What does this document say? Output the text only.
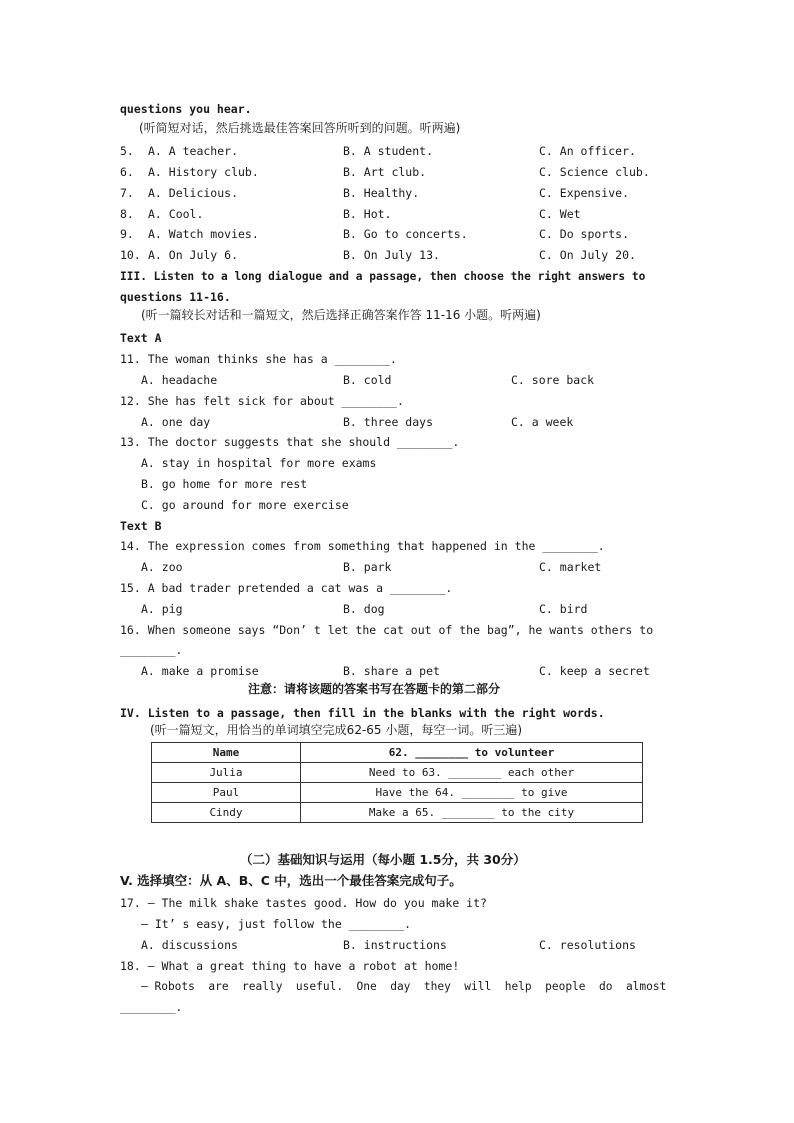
questions you hear.
(听简短对话，然后挑选最佳答案回答所听到的问题。听两遍)
5. A. A teacher.	B. A student.	C. An officer.
6. A. History club.	B. Art club.	C. Science club.
7. A. Delicious.	B. Healthy.	C. Expensive.
8. A. Cool.	B. Hot.	C. Wet
9. A. Watch movies.	B. Go to concerts.	C. Do sports.
10. A. On July 6.	B. On July 13.	C. On July 20.
III. Listen to a long dialogue and a passage, then choose the right answers to
questions 11-16.
(听一篇较长对话和一篇短文，然后选择正确答案作答 11-16 小题。听两遍)
Text A
11. The woman thinks she has a ________.
A. headache	B. cold	C. sore back
12. She has felt sick for about ________.
A. one day	B. three days	C. a week
13. The doctor suggests that she should ________.
A. stay in hospital for more exams
B. go home for more rest
C. go around for more exercise
Text B
14. The expression comes from something that happened in the ________.
A. zoo	B. park	C. market
15. A bad trader pretended a cat was a ________.
A. pig	B. dog	C. bird
16. When someone says “Don’ t let the cat out of the bag”, he wants others to
________.
A. make a promise	B. share a pet	C. keep a secret
注意：请将该题的答案书写在答题卡的第二部分
IV. Listen to a passage, then fill in the blanks with the right words.
(听一篇短文，用恰当的单词填空完成62-65 小题，每空一词。听三遍)
Name	62. ________ to volunteer
Julia	Need to 63. ________ each other
Paul	Have the 64. ________ to give
Cindy	Make a 65. ________ to the city
（二）基础知识与运用（每小题 1.5分，共 30分）
V. 选择填空：从 A、B、C 中，选出一个最佳答案完成句子。
17. — The milk shake tastes good. How do you make it?
— It’ s easy, just follow the ________.
A. discussions	B. instructions	C. resolutions
18. — What a great thing to have a robot at home!
— Robots  are  really  useful.  One  day  they  will  help  people  do  almost
________.
